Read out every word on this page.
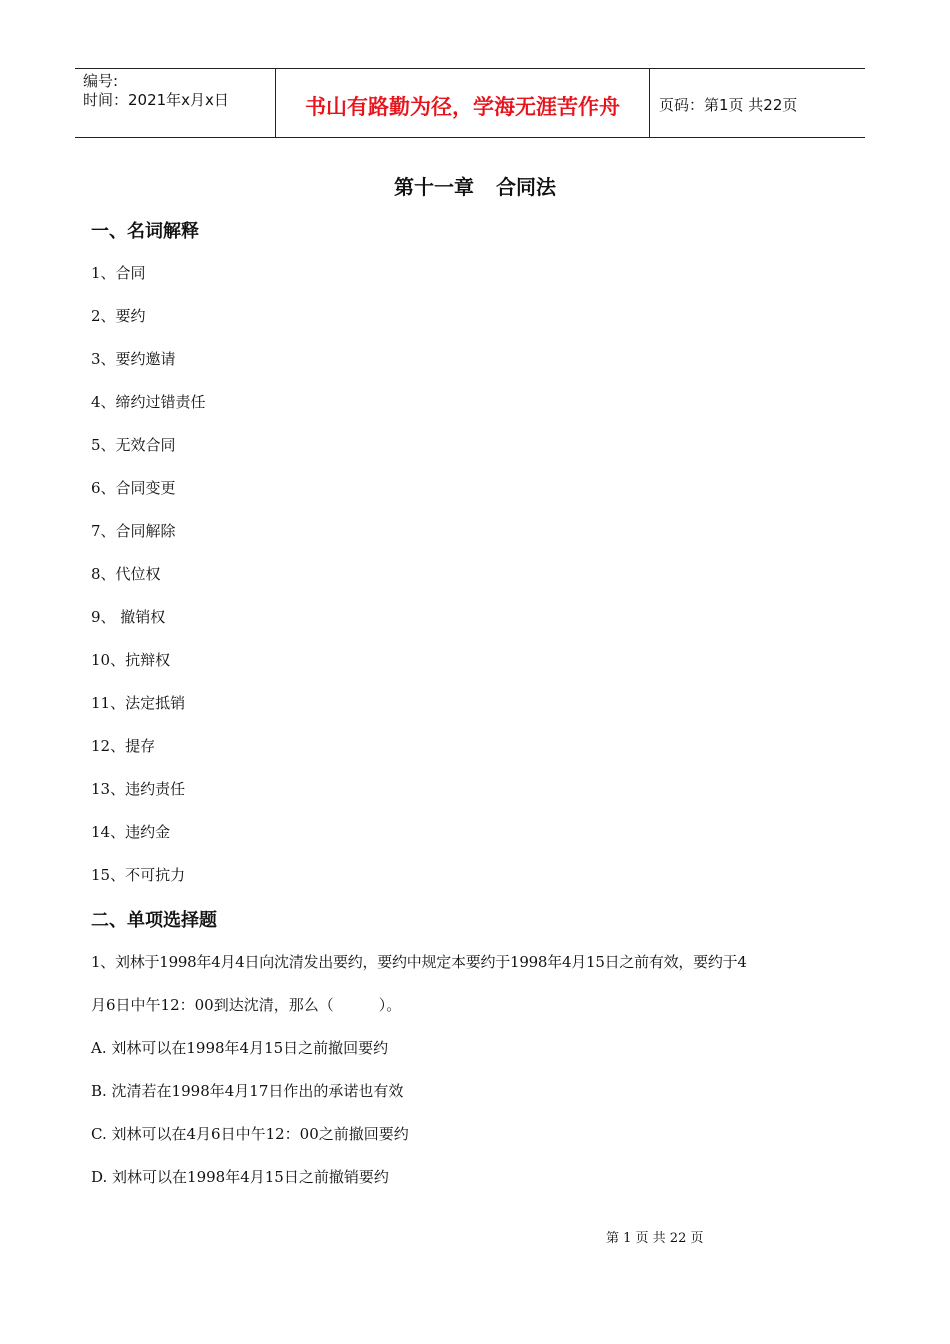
编号:
时间：2021年x月x日	书山有路勤为径，学海无涯苦作舟	页码：第1页 共22页
第十一章 合同法
一、名词解释
1、合同
2、要约
3、要约邀请
4、缔约过错责任
5、无效合同
6、合同变更
7、合同解除
8、代位权
9、 撤销权
10、抗辩权
11、法定抵销
12、提存
13、违约责任
14、违约金
15、不可抗力
二、单项选择题
1、刘林于1998年4月4日向沈清发出要约，要约中规定本要约于1998年4月15日之前有效，要约于4
月6日中午12：00到达沈清，那么（　　　）。
A. 刘林可以在1998年4月15日之前撤回要约
B. 沈清若在1998年4月17日作出的承诺也有效
C. 刘林可以在4月6日中午12：00之前撤回要约
D. 刘林可以在1998年4月15日之前撤销要约
第 1 页 共 22 页
